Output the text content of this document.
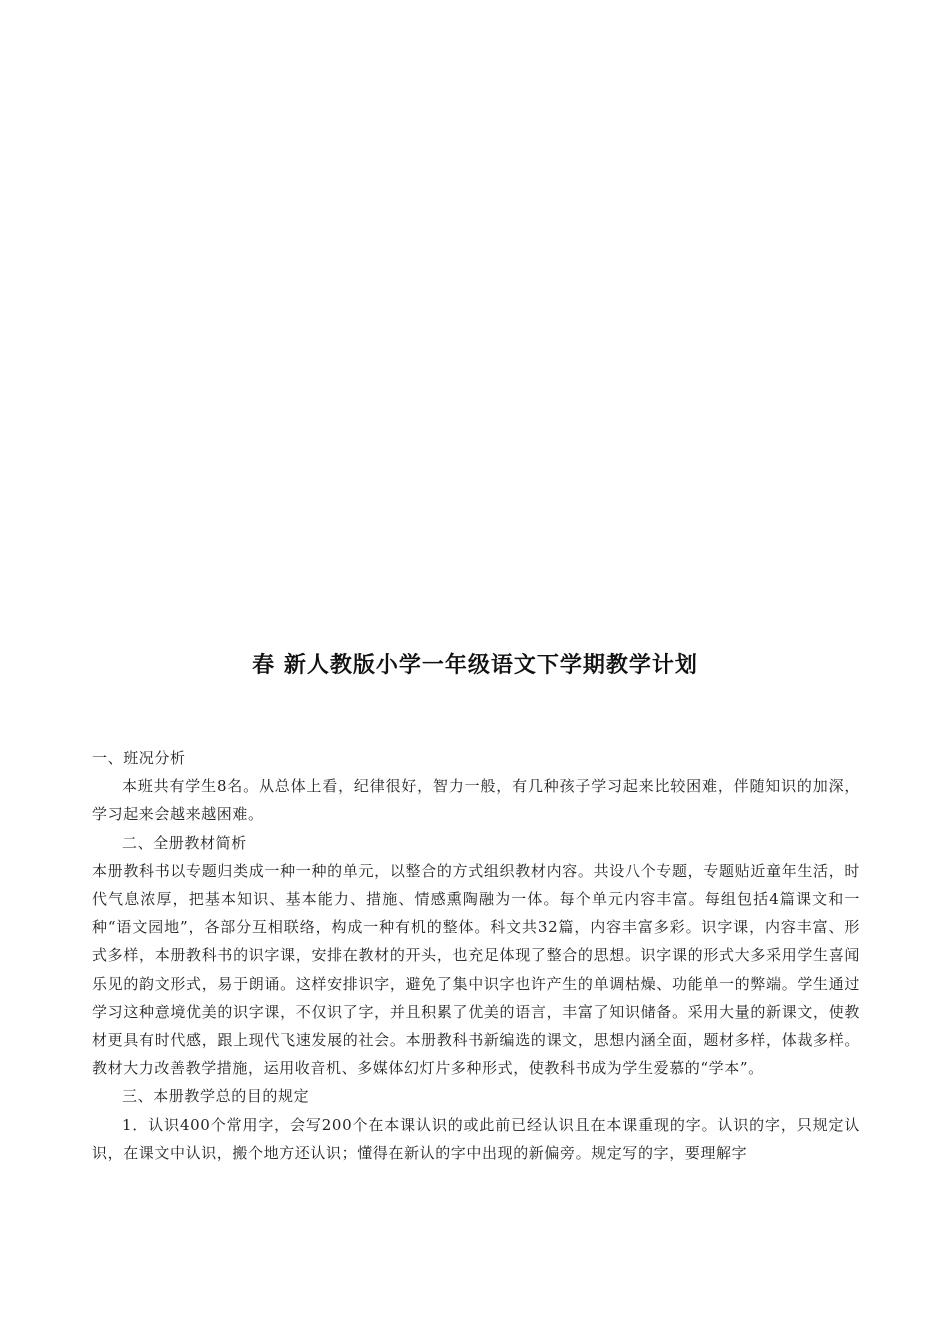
春 新人教版小学一年级语文下学期教学计划

一、班况分析

本班共有学生8名。从总体上看，纪律很好，智力一般，有几种孩子学习起来比较困难，伴随知识的加深，学习起来会越来越困难。

二、全册教材简析

本册教科书以专题归类成一种一种的单元，以整合的方式组织教材内容。共设八个专题，专题贴近童年生活，时代气息浓厚，把基本知识、基本能力、措施、情感熏陶融为一体。每个单元内容丰富。每组包括4篇课文和一种“语文园地”，各部分互相联络，构成一种有机的整体。科文共32篇，内容丰富多彩。识字课，内容丰富、形式多样，本册教科书的识字课，安排在教材的开头，也充足体现了整合的思想。识字课的形式大多采用学生喜闻乐见的韵文形式，易于朗诵。这样安排识字，避免了集中识字也许产生的单调枯燥、功能单一的弊端。学生通过学习这种意境优美的识字课，不仅识了字，并且积累了优美的语言，丰富了知识储备。采用大量的新课文，使教材更具有时代感，跟上现代飞速发展的社会。本册教科书新编选的课文，思想内涵全面，题材多样，体裁多样。教材大力改善教学措施，运用收音机、多媒体幻灯片多种形式，使教科书成为学生爱慕的“学本”。

三、本册教学总的目的规定

1．认识400个常用字，会写200个在本课认识的或此前已经认识且在本课重现的字。认识的字，只规定认识，在课文中认识，搬个地方还认识；懂得在新认的字中出现的新偏旁。规定写的字，要理解字
